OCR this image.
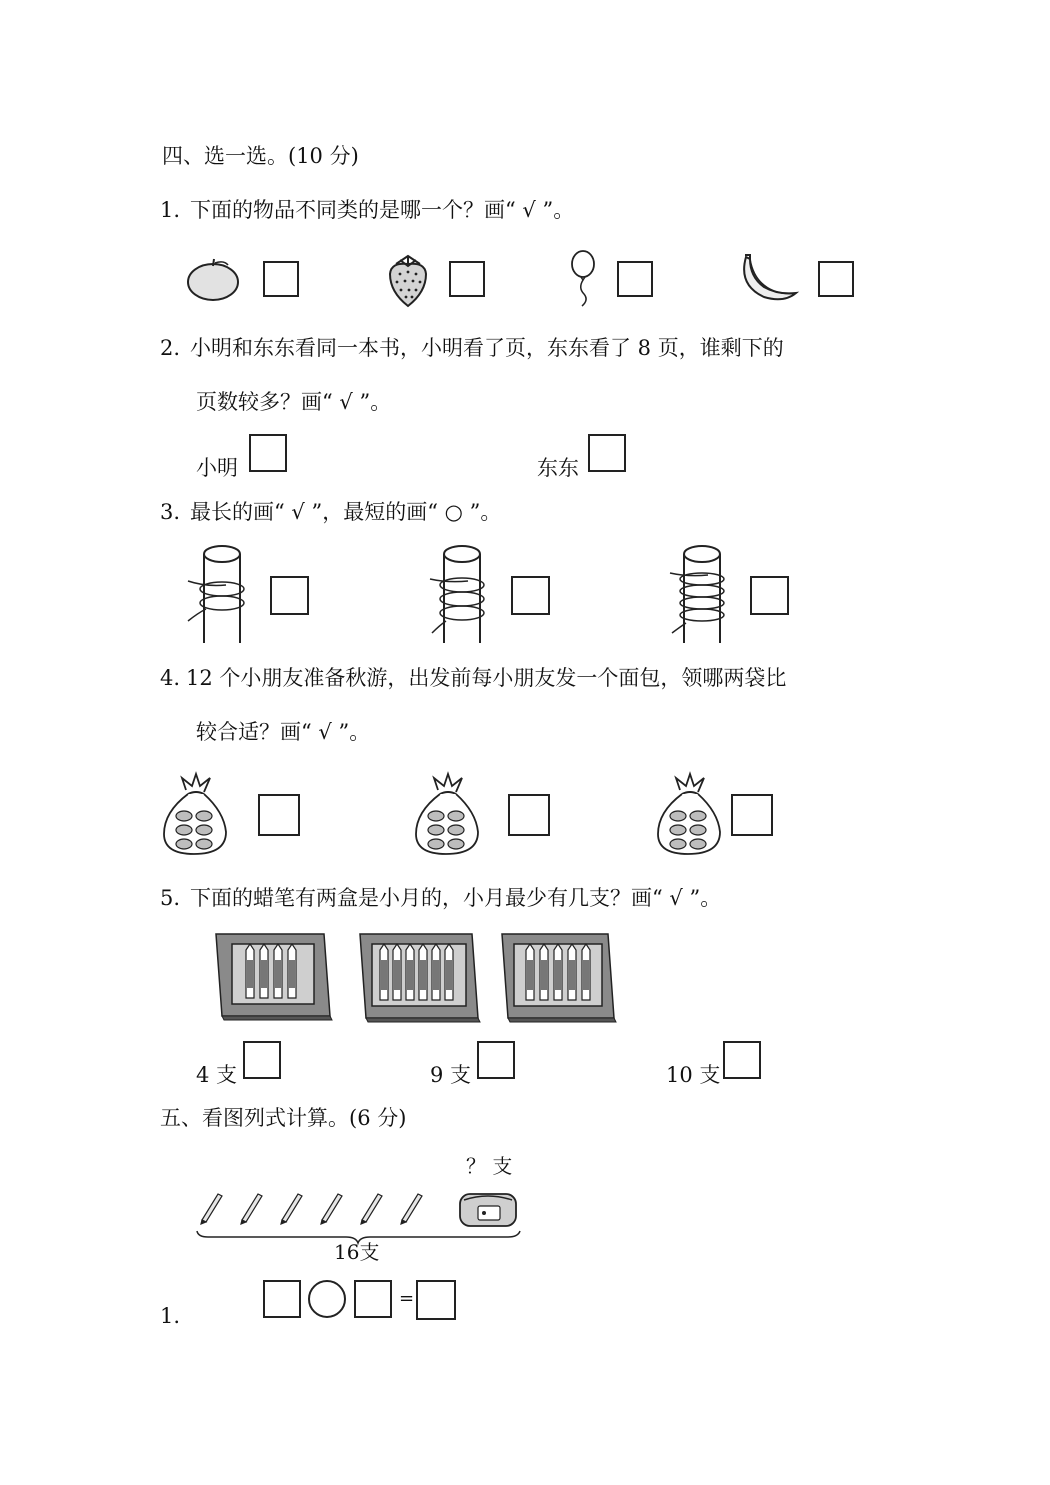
四、选一选。(10 分)
1. 下面的物品不同类的是哪一个？画“ √ ”。
2. 小明和东东看同一本书，小明看了页，东东看了 8 页，谁剩下的
页数较多？画“ √ ”。
小明	东东
3. 最长的画“ √ ”，最短的画“ ○ ”。
4. 12 个小朋友准备秋游，出发前每小朋友发一个面包，领哪两袋比
较合适？画“ √ ”。
5. 下面的蜡笔有两盒是小月的，小月最少有几支？画“ √ ”。
4 支	9 支	10 支
五、看图列式计算。(6 分)
？ 支
16支
1.
=
